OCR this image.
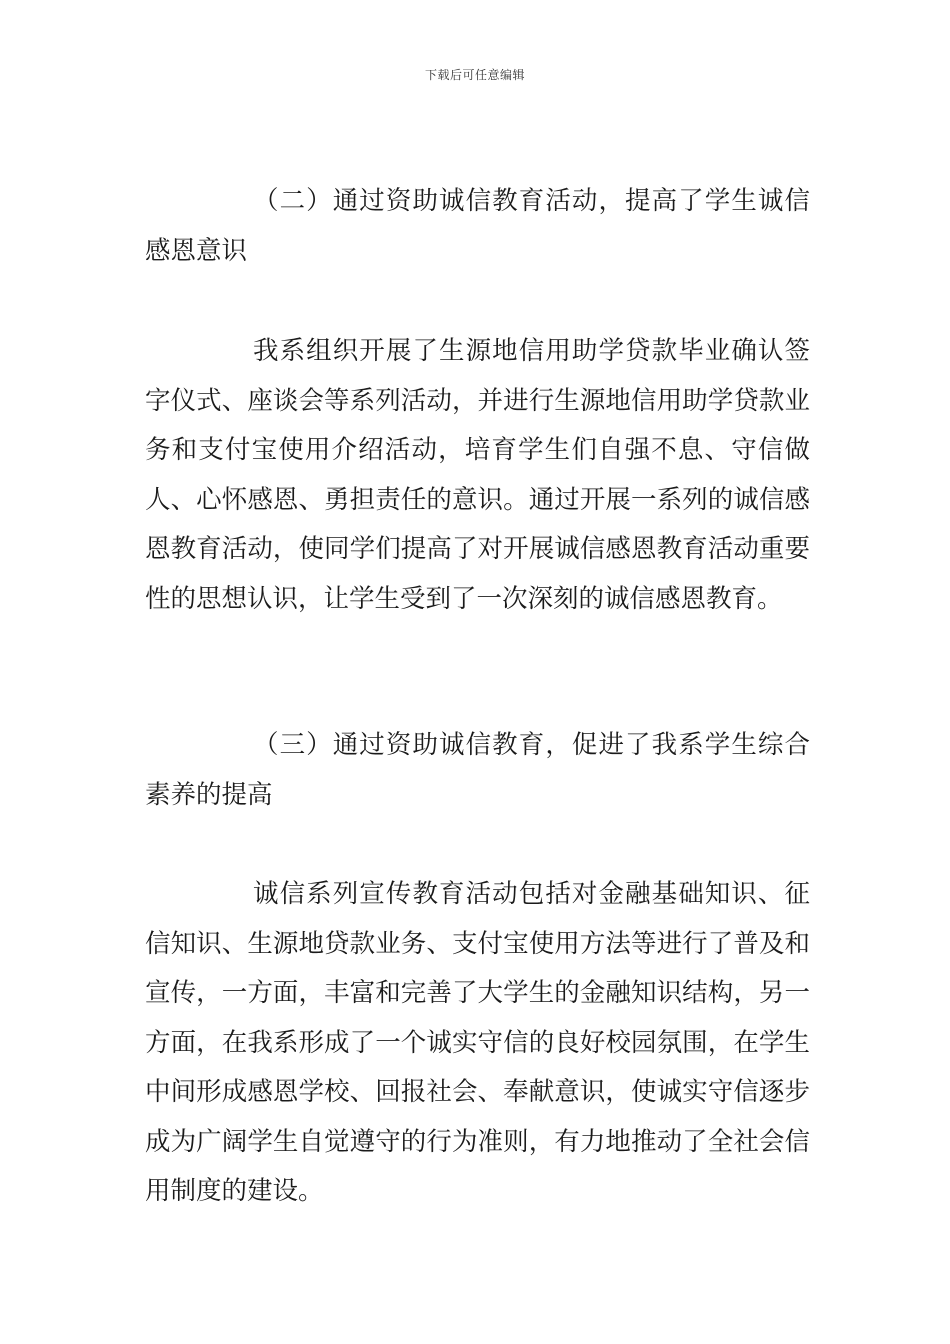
下载后可任意编辑

（二）通过资助诚信教育活动，提高了学生诚信感恩意识

我系组织开展了生源地信用助学贷款毕业确认签字仪式、座谈会等系列活动，并进行生源地信用助学贷款业务和支付宝使用介绍活动，培育学生们自强不息、守信做人、心怀感恩、勇担责任的意识。通过开展一系列的诚信感恩教育活动，使同学们提高了对开展诚信感恩教育活动重要性的思想认识，让学生受到了一次深刻的诚信感恩教育。

（三）通过资助诚信教育，促进了我系学生综合素养的提高

诚信系列宣传教育活动包括对金融基础知识、征信知识、生源地贷款业务、支付宝使用方法等进行了普及和宣传，一方面，丰富和完善了大学生的金融知识结构，另一方面，在我系形成了一个诚实守信的良好校园氛围，在学生中间形成感恩学校、回报社会、奉献意识，使诚实守信逐步成为广阔学生自觉遵守的行为准则，有力地推动了全社会信用制度的建设。
